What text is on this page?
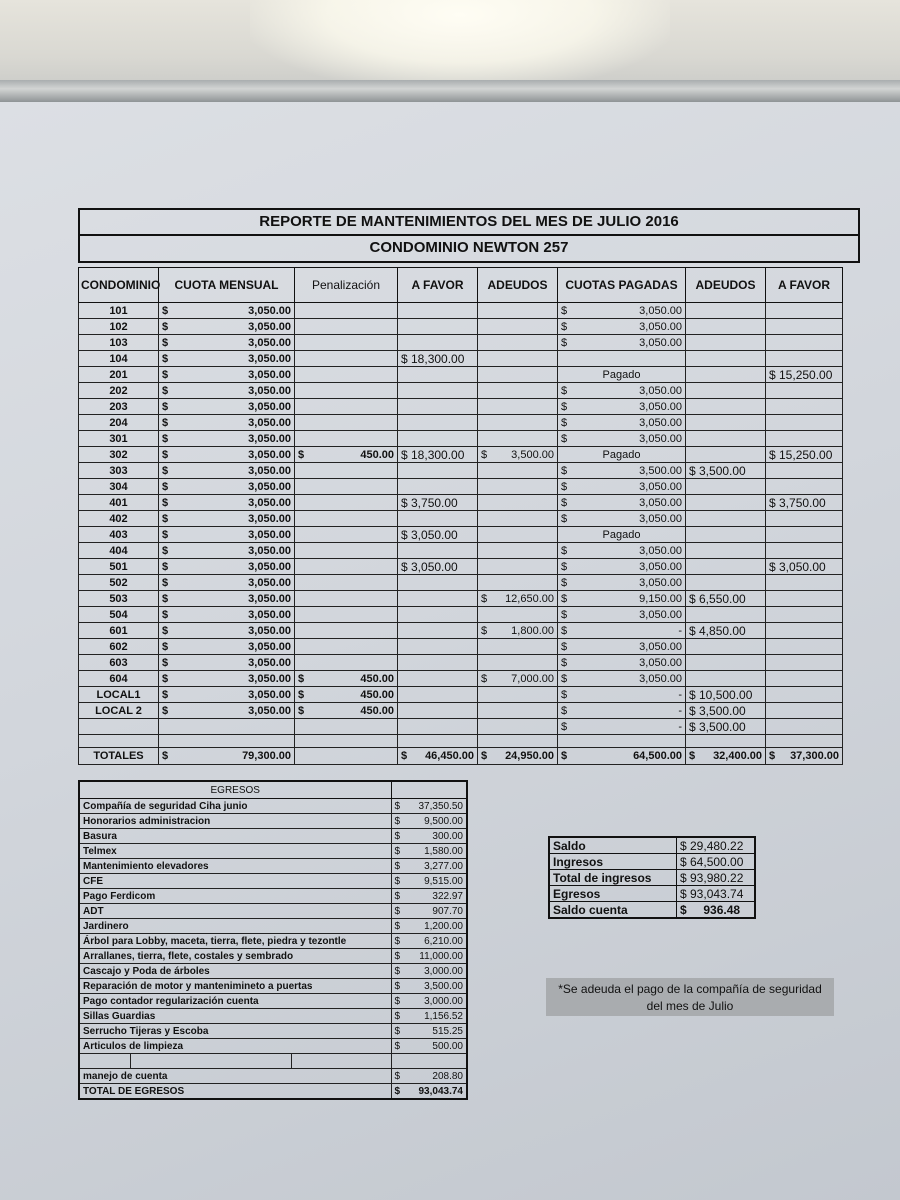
REPORTE DE MANTENIMIENTOS DEL MES DE JULIO 2016
CONDOMINIO NEWTON 257
CONDOMINIO	CUOTA MENSUAL	Penalización	A FAVOR	ADEUDOS	CUOTAS PAGADAS	ADEUDOS	A FAVOR
101	$ 3,050.00				$ 3,050.00		

102	$ 3,050.00				$ 3,050.00		

103	$ 3,050.00				$ 3,050.00		

104	$ 3,050.00		$ 18,300.00				
201	$ 3,050.00				Pagado		$ 15,250.00
202	$ 3,050.00				$ 3,050.00		

203	$ 3,050.00				$ 3,050.00		

204	$ 3,050.00				$ 3,050.00		

301	$ 3,050.00				$ 3,050.00		

302	$ 3,050.00	$ 450.00	$ 18,300.00	$ 3,500.00	Pagado		$ 15,250.00
303	$ 3,050.00				$ 3,500.00	$ 3,500.00	
304	$ 3,050.00				$ 3,050.00		

401	$ 3,050.00		$ 3,750.00		$ 3,050.00		$ 3,750.00
402	$ 3,050.00				$ 3,050.00		

403	$ 3,050.00		$ 3,050.00		Pagado		
404	$ 3,050.00				$ 3,050.00		

501	$ 3,050.00		$ 3,050.00		$ 3,050.00		$ 3,050.00
502	$ 3,050.00				$ 3,050.00		

503	$ 3,050.00			$ 12,650.00	$ 9,150.00	$ 6,550.00	
504	$ 3,050.00				$ 3,050.00		

601	$ 3,050.00			$ 1,800.00	$ -	$ 4,850.00	
602	$ 3,050.00				$ 3,050.00		

603	$ 3,050.00				$ 3,050.00		

604	$ 3,050.00	$ 450.00		$ 7,000.00	$ 3,050.00		

LOCAL1	$ 3,050.00	$ 450.00			$ -	$ 10,500.00	
LOCAL 2	$ 3,050.00	$ 450.00			$ -	$ 3,500.00	

					$ -	$ 3,500.00	

TOTALES	$ 79,300.00		$ 46,450.00	$ 24,950.00	$ 64,500.00	$ 32,400.00	$ 37,300.00
EGRESOS	
Compañía de seguridad Ciha junio	$ 37,350.50

Honorarios administracion	$ 9,500.00

Basura	$ 300.00

Telmex	$ 1,580.00

Mantenimiento elevadores	$ 3,277.00

CFE	$ 9,515.00

Pago Ferdicom	$ 322.97

ADT	$ 907.70

Jardinero	$ 1,200.00

Árbol para Lobby, maceta, tierra, flete, piedra y tezontle	$ 6,210.00

Arrallanes, tierra, flete, costales y sembrado	$ 11,000.00

Cascajo y Poda de árboles	$ 3,000.00

Reparación de motor y mantenimineto a puertas	$ 3,500.00

Pago contador regularización cuenta	$ 3,000.00

Sillas Guardias	$ 1,156.52

Serrucho Tijeras y Escoba	$ 515.25

Articulos de limpieza	$ 500.00

manejo de cuenta	$ 208.80

TOTAL DE EGRESOS	$ 93,043.74
Saldo	$ 29,480.22
Ingresos	$ 64,500.00
Total de ingresos	$ 93,980.22
Egresos	$ 93,043.74
Saldo cuenta	$     936.48
*Se adeuda el pago de la compañía de seguridad
del mes de Julio
